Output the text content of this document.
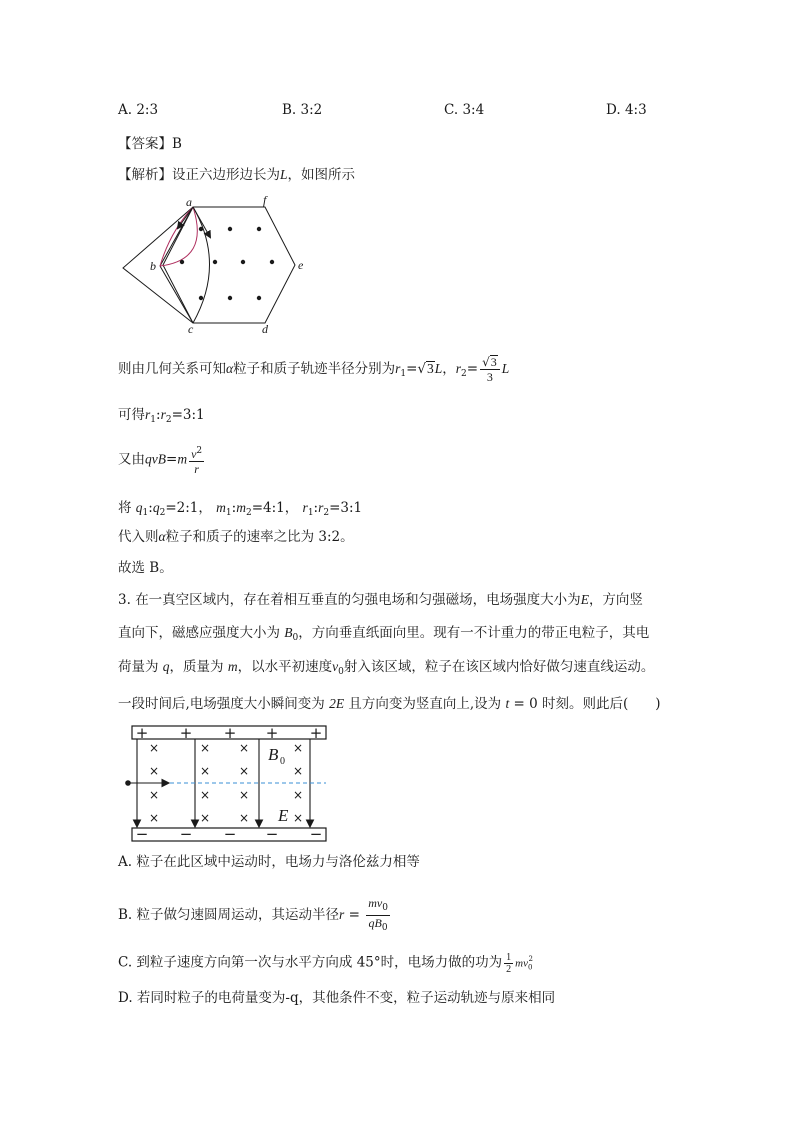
A. 2:3	B. 3:2	C. 3:4	D. 4:3
【答案】B
【解析】设正六边形边长为L，如图所示
a	f
e
d
c
b
则由几何关系可知α粒子和质子轨迹半径分别为$r_1=√3L$，$r_2= \frac{√3}{3}$ L
可得$r_1:r_2=3:1$
又由$qvB=m \frac{v^2}{r}$
将 $q_1:q_2=2:1$， $m_1:m_2=4:1$， $r_1:r_2=3:1$
代入则α粒子和质子的速率之比为 3:2。
故选 B。
3. 在一真空区域内，存在着相互垂直的匀强电场和匀强磁场，电场强度大小为E，方向竖
直向下，磁感应强度大小为 $B_0$，方向垂直纸面向里。现有一不计重力的带正电粒子，其电
荷量为 q，质量为 m，以水平初速度$v_0$射入该区域，粒子在该区域内恰好做匀速直线运动。
一段时间后,电场强度大小瞬间变为 2E 且方向变为竖直向上,设为 t = 0 时刻。则此后(　　)
+ + + + +
− − − − −
×
×
×
×
×
×
×
×
×
×
×
×
×
×
×
×
B
E
0
A. 粒子在此区域中运动时，电场力与洛伦兹力相等
B. 粒子做匀速圆周运动，其运动半径$r = \frac{mv_0}{qB_0}$
C. 到粒子速度方向第一次与水平方向成 45°时，电场力做的功为 $\frac{1}{2} mv_0^2$
D. 若同时粒子的电荷量变为-q，其他条件不变，粒子运动轨迹与原来相同
